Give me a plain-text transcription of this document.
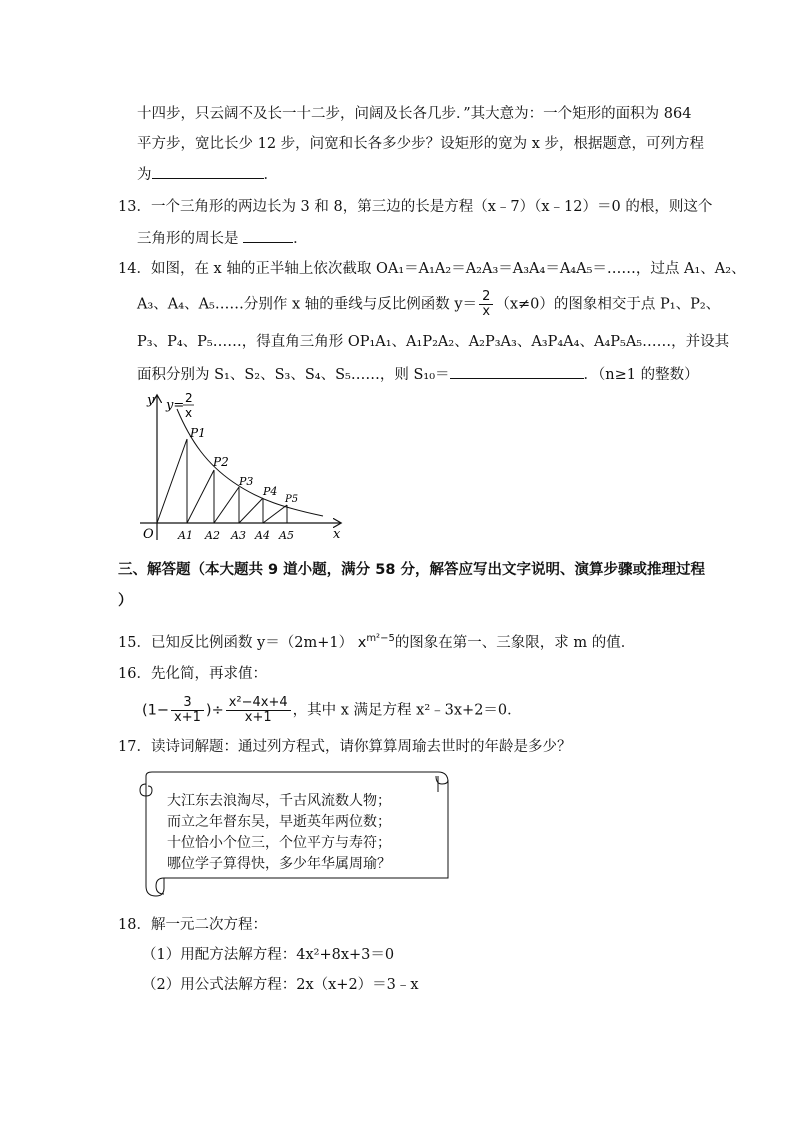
十四步，只云阔不及长一十二步，问阔及长各几步．”其大意为：一个矩形的面积为 864
平方步，宽比长少 12 步，问宽和长各多少步？设矩形的宽为 x 步，根据题意，可列方程
为	．
13．一个三角形的两边长为 3 和 8，第三边的长是方程（x﹣7）（x﹣12）＝0 的根，则这个
三角形的周长是	．
14．如图，在 x 轴的正半轴上依次截取 OA₁＝A₁A₂＝A₂A₃＝A₃A₄＝A₄A₅＝……，过点 A₁、A₂、
A₃、A₄、A₅……分别作 x 轴的垂线与反比例函数 $y= \frac{2}{x} (x\ne 0)$的图象相交于点 P₁、P₂、
P₃、P₄、P₅……，得直角三角形 OP₁A₁、A₁P₂A₂、A₂P₃A₃、A₃P₄A₄、A₄P₅A₅……，并设其
面积分别为 S₁、S₂、S₃、S₄、S₅……，则 S₁₀＝	．（n≥1 的整数）
y
x
O
y= 2
x
P1
P2
P3
P4
P5
A1 A2 A3 A4 A5
三、解答题（本大题共 9 道小题，满分 58 分，解答应写出文字说明、演算步骤或推理过程
）
15．已知反比例函数 y＝（2m+1） $x^{m^2-5}$的图象在第一、三象限，求 m 的值．
16．先化简，再求值：
($1- \frac{3}{x+1}$ )÷ $\frac{\text{x²−4x+4}}{x+1}$ ，其中 x 满足方程 x²﹣3x+2＝0．
17．读诗词解题：通过列方程式，请你算算周瑜去世时的年龄是多少？
大江东去浪淘尽，千古风流数人物；
而立之年督东吴，早逝英年两位数；
十位恰小个位三，个位平方与寿符；
哪位学子算得快，多少年华属周瑜？
18．解一元二次方程：
（1）用配方法解方程：4x²+8x+3＝0
（2）用公式法解方程：2x（x+2）＝3﹣x
